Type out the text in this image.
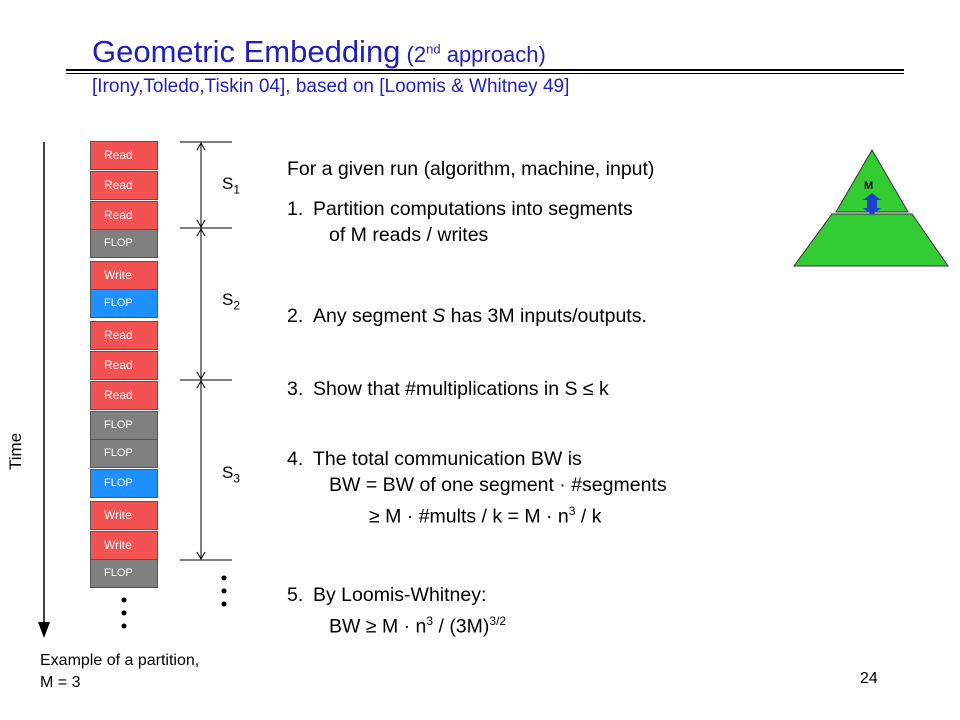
Geometric Embedding (2nd approach)
[Irony,Toledo,Tiskin 04], based on [Loomis & Whitney 49]
M
Time
Read
Read
Read
FLOP
Write
FLOP
Read
Read
Read
FLOP
FLOP
FLOP
Write
Write
FLOP
$S_1$
$S_2$
$S_3$
For a given run (algorithm, machine, input)
1. Partition computations into segments
of M reads / writes
2. Any segment S has 3M inputs/outputs.
3. Show that #multiplications in S ≤ k
4. The total communication BW is
BW = BW of one segment · #segments
≥ M · #mults / $k = M \cdot n^3 / k$
5. By Loomis-Whitney:
BW ≥ $M \cdot n^3 / (3M)^{3/2}$
Example of a partition,
M = 3	24
